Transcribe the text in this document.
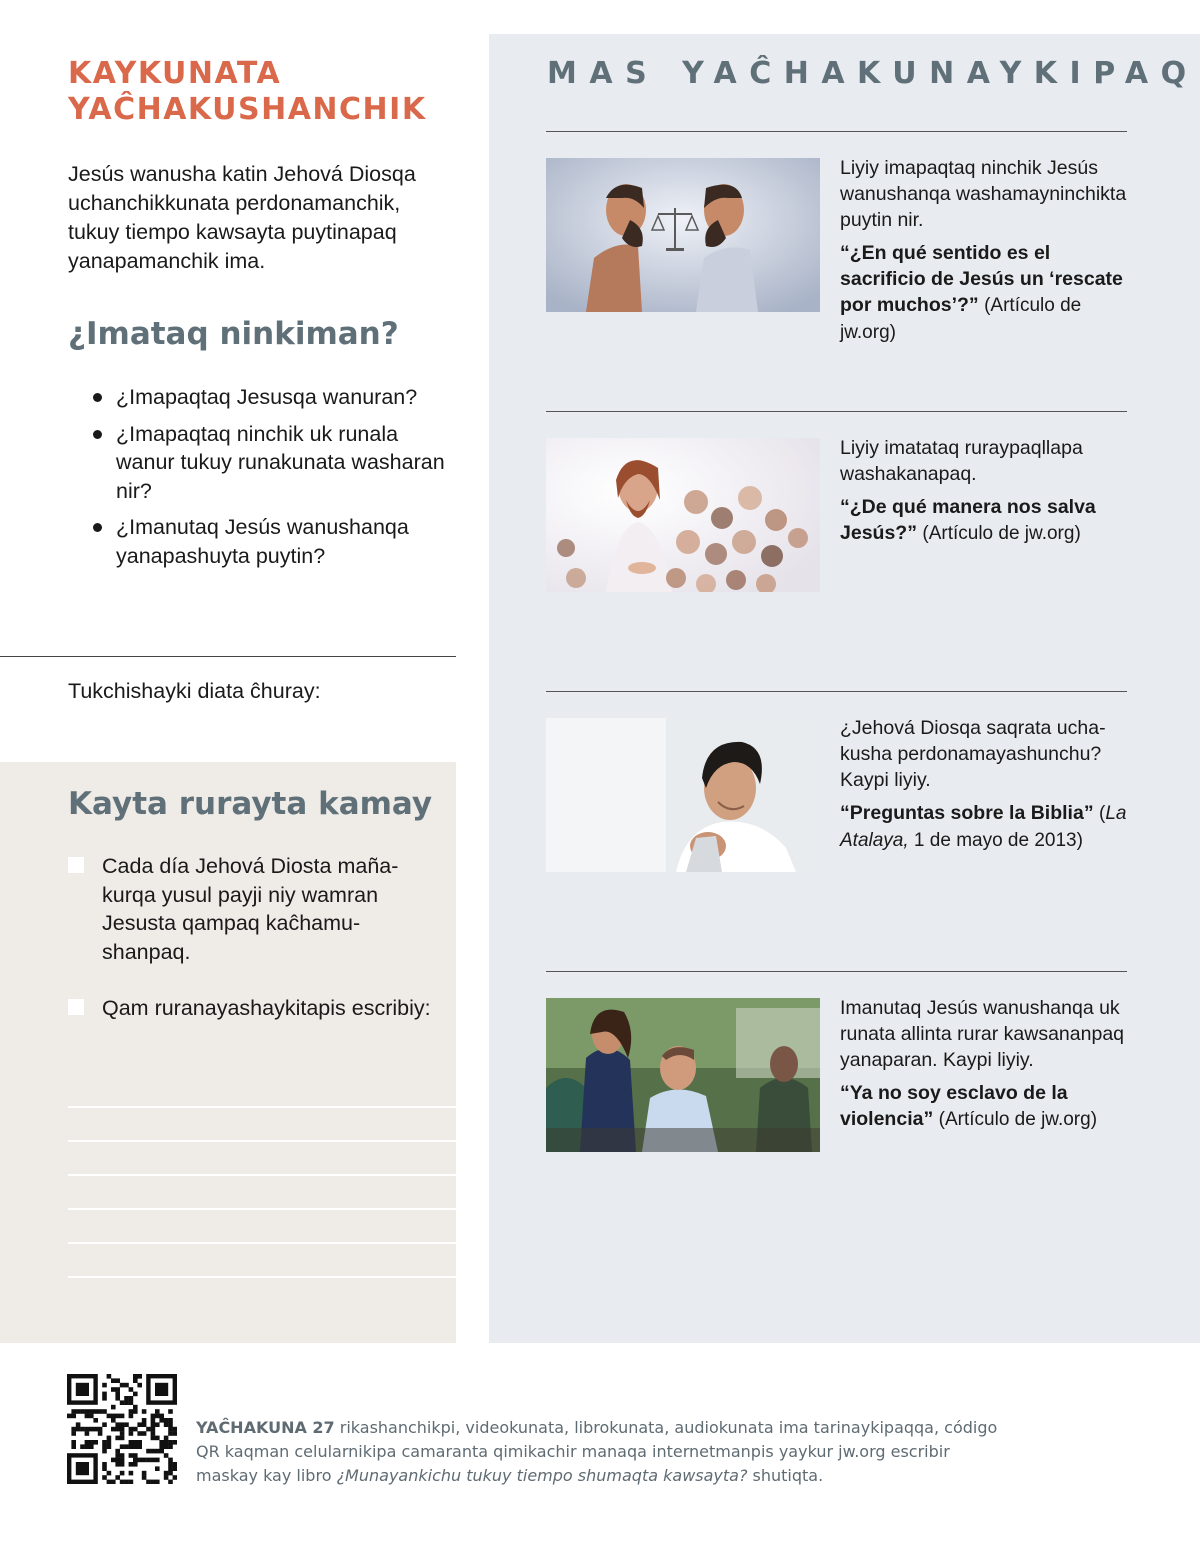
KAYKUNATA
YAĈHAKUSHANCHIK

Jesús wanusha katin Jehová Diosqa uchanchikkunata perdonamanchik, tukuy tiempo kawsayta puytinapaq yanapamanchik ima.

¿Imataq ninkiman?
¿Imapaqtaq Jesusqa wanuran?
¿Imapaqtaq ninchik uk runala wanur tukuy runakunata washaran nir?
¿Imanutaq Jesús wanushanqa yanapashuyta puytin?
Tukchishayki diata ĉhuray:
Kayta rurayta kamay
Cada día Jehová Diosta mañakurqa yusul payji niy wamran Jesusta qampaq kaĉhamushanpaq.
Qam ruranayashaykitapis escribiy:
MAS YAĈHAKUNAYKIPAQ
Liyiy imapaqtaq ninchik Jesús wanushanqa washamayninchikta puytin nir.
“¿En qué sentido es el sacrificio de Jesús un ‘rescate por muchos’?” (Artículo de jw.org)
Liyiy imatataq ruraypaqllapa washakanapaq.
“¿De qué manera nos salva Jesús?” (Artículo de jw.org)
¿Jehová Diosqa saqrata uchakusha perdonamayashunchu? Kaypi liyiy.
“Preguntas sobre la Biblia” (La Atalaya, 1 de mayo de 2013)
Imanutaq Jesús wanushanqa uk runata allinta rurar kawsananpaq yanaparan. Kaypi liyiy.
“Ya no soy esclavo de la violencia” (Artículo de jw.org)

YAĈHAKUNA 27 rikashanchikpi, videokunata, librokunata, audiokunata ima tarinaykipaqqa, código QR kaqman celularnikipa camaranta qimikachir manaqa internetmanpis yaykur jw.org escribir maskay kay libro ¿Munayankichu tukuy tiempo shumaqta kawsayta? shutiqta.
